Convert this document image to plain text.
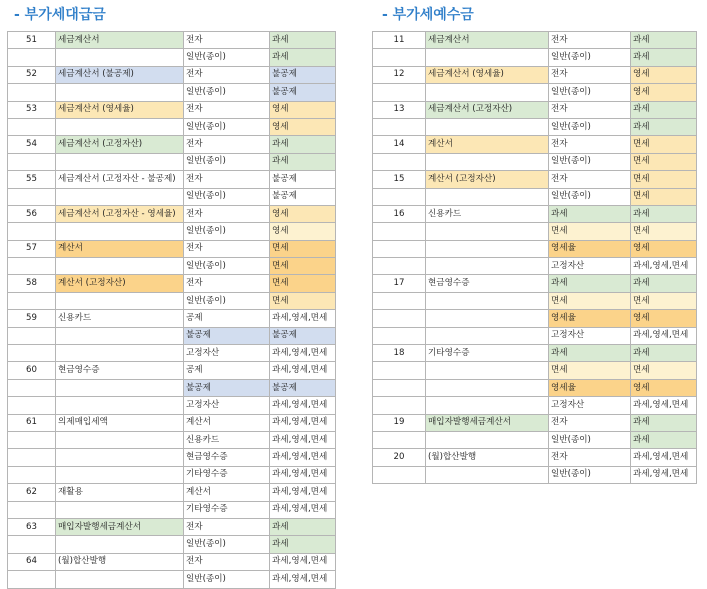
- 부가세대급금	- 부가세예수금
51	세금계산서	전자	과세
		일반(종이)	과세
52	세금계산서 (불공제)	전자	불공제
		일반(종이)	불공제
53	세금계산서 (영세율)	전자	영세
		일반(종이)	영세
54	세금계산서 (고정자산)	전자	과세
		일반(종이)	과세
55	세금계산서 (고정자산 - 불공제)	전자	불공제
		일반(종이)	불공제
56	세금계산서 (고정자산 - 영세율)	전자	영세
		일반(종이)	영세
57	계산서	전자	면세
		일반(종이)	면세
58	계산서 (고정자산)	전자	면세
		일반(종이)	면세
59	신용카드	공제	과세,영세,면세
		불공제	불공제
		고정자산	과세,영세,면세
60	현금영수증	공제	과세,영세,면세
		불공제	불공제
		고정자산	과세,영세,면세
61	의제매입세액	계산서	과세,영세,면세
		신용카드	과세,영세,면세
		현금영수증	과세,영세,면세
		기타영수증	과세,영세,면세
62	재활용	계산서	과세,영세,면세
		기타영수증	과세,영세,면세
63	매입자발행세금계산서	전자	과세
		일반(종이)	과세
64	(월)합산발행	전자	과세,영세,면세
		일반(종이)	과세,영세,면세
11	세금계산서	전자	과세
		일반(종이)	과세
12	세금계산서 (영세율)	전자	영세
		일반(종이)	영세
13	세금계산서 (고정자산)	전자	과세
		일반(종이)	과세
14	계산서	전자	면세
		일반(종이)	면세
15	계산서 (고정자산)	전자	면세
		일반(종이)	면세
16	신용카드	과세	과세
		면세	면세
		영세율	영세
		고정자산	과세,영세,면세
17	현금영수증	과세	과세
		면세	면세
		영세율	영세
		고정자산	과세,영세,면세
18	기타영수증	과세	과세
		면세	면세
		영세율	영세
		고정자산	과세,영세,면세
19	매입자발행세금계산서	전자	과세
		일반(종이)	과세
20	(월)합산발행	전자	과세,영세,면세
		일반(종이)	과세,영세,면세
